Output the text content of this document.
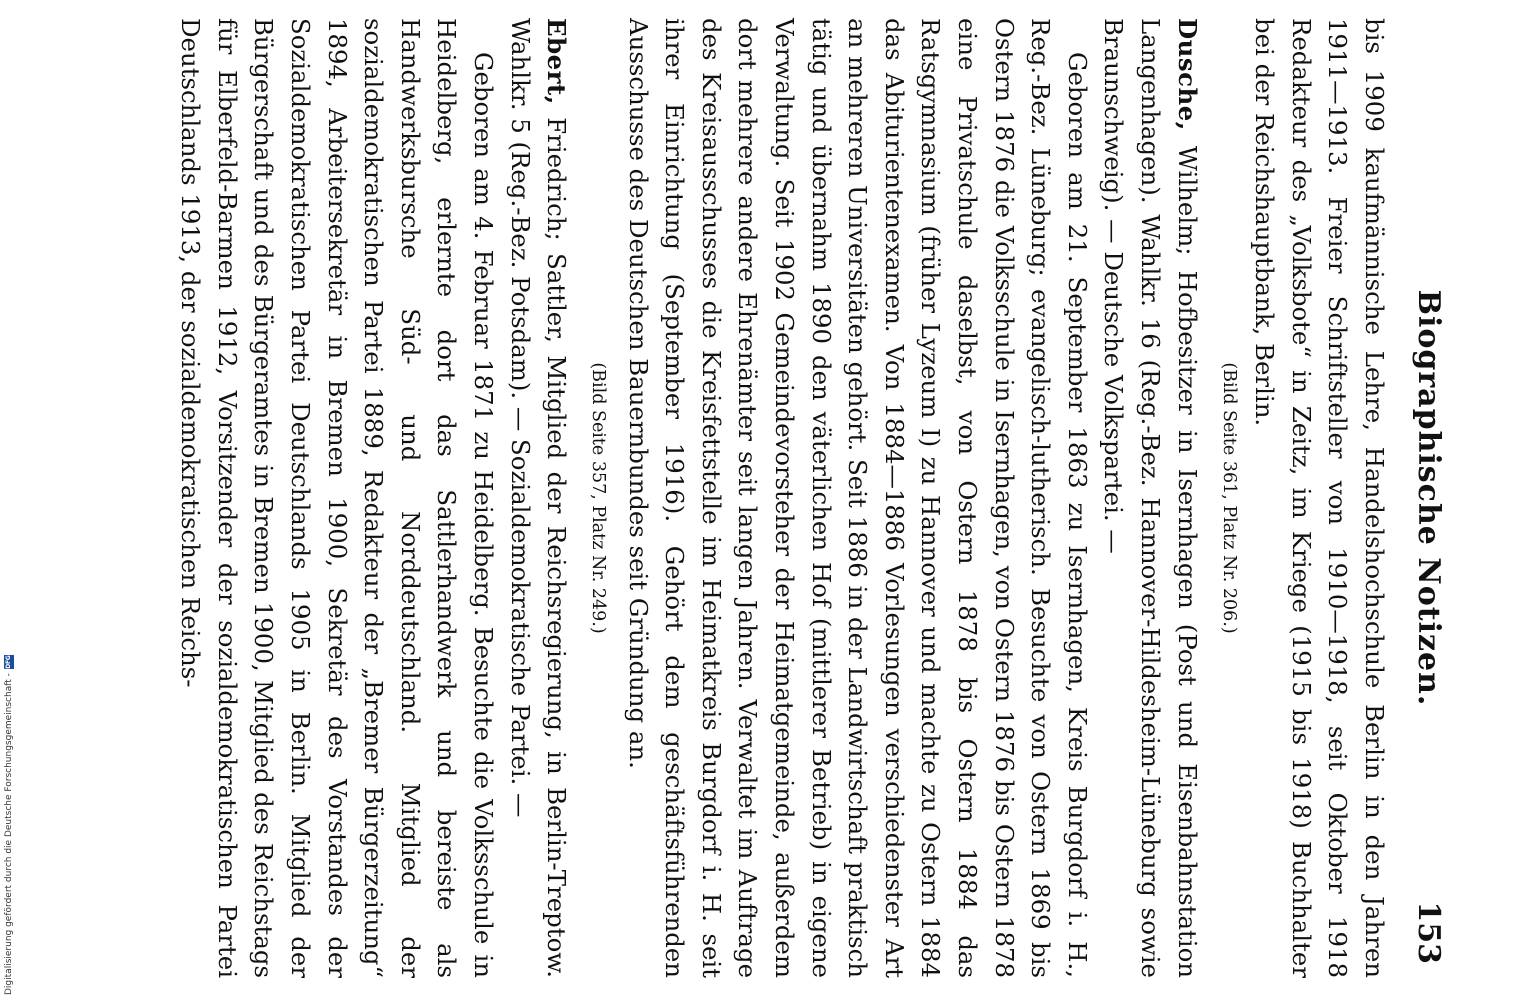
Biographische Notizen.
153

bis 1909 kaufmännische Lehre, Handelshochschule Berlin in den Jahren 1911—1913. Freier Schriftsteller von 1910—1918, seit Oktober 1918 Redakteur des „Volksbote“ in Zeitz, im Kriege (1915 bis 1918) Buchhalter bei der Reichshauptbank, Berlin.

(Bild Seite 361, Platz Nr. 206.)

Dusche, Wilhelm; Hofbesitzer in Isernhagen (Post und Eisenbahnstation Langenhagen). Wahlkr. 16 (Reg.-Bez. Hannover-Hildesheim-Lüneburg sowie Braunschweig). — Deutsche Volkspartei. —

Geboren am 21. September 1863 zu Isernhagen, Kreis Burgdorf i. H., Reg.-Bez. Lüneburg; evangelisch-lutherisch. Besuchte von Ostern 1869 bis Ostern 1876 die Volksschule in Isernhagen, von Ostern 1876 bis Ostern 1878 eine Privatschule daselbst, von Ostern 1878 bis Ostern 1884 das Ratsgymnasium (früher Lyzeum I) zu Hannover und machte zu Ostern 1884 das Abiturientenexamen. Von 1884—1886 Vorlesungen verschiedenster Art an mehreren Universitäten gehört. Seit 1886 in der Landwirtschaft praktisch tätig und übernahm 1890 den väterlichen Hof (mittlerer Betrieb) in eigene Verwaltung. Seit 1902 Gemeindevorsteher der Heimatgemeinde, außerdem dort mehrere andere Ehrenämter seit langen Jahren. Verwaltet im Auftrage des Kreisausschusses die Kreisfettstelle im Heimatkreis Burgdorf i. H. seit ihrer Einrichtung (September 1916). Gehört dem geschäftsführenden Ausschusse des Deutschen Bauernbundes seit Gründung an.

(Bild Seite 357, Platz Nr. 249.)

Ebert, Friedrich; Sattler, Mitglied der Reichsregierung, in Berlin-Treptow. Wahlkr. 5 (Reg.-Bez. Potsdam). — Sozialdemokratische Partei. —

Geboren am 4. Februar 1871 zu Heidelberg. Besuchte die Volksschule in Heidelberg, erlernte dort das Sattlerhandwerk und bereiste als Handwerksbursche Süd- und Norddeutschland. Mitglied der sozialdemokratischen Partei 1889, Redakteur der „Bremer Bürgerzeitung“ 1894, Arbeitersekretär in Bremen 1900, Sekretär des Vorstandes der Sozialdemokratischen Partei Deutschlands 1905 in Berlin. Mitglied der Bürgerschaft und des Bürgeramtes in Bremen 1900, Mitglied des Reichstags für Elberfeld-Barmen 1912, Vorsitzender der sozialdemokratischen Partei Deutschlands 1913, der sozialdemokratischen Reichs-

Digitalisierung gefördert durch die Deutsche Forschungsgemeinschaft -
DFG
